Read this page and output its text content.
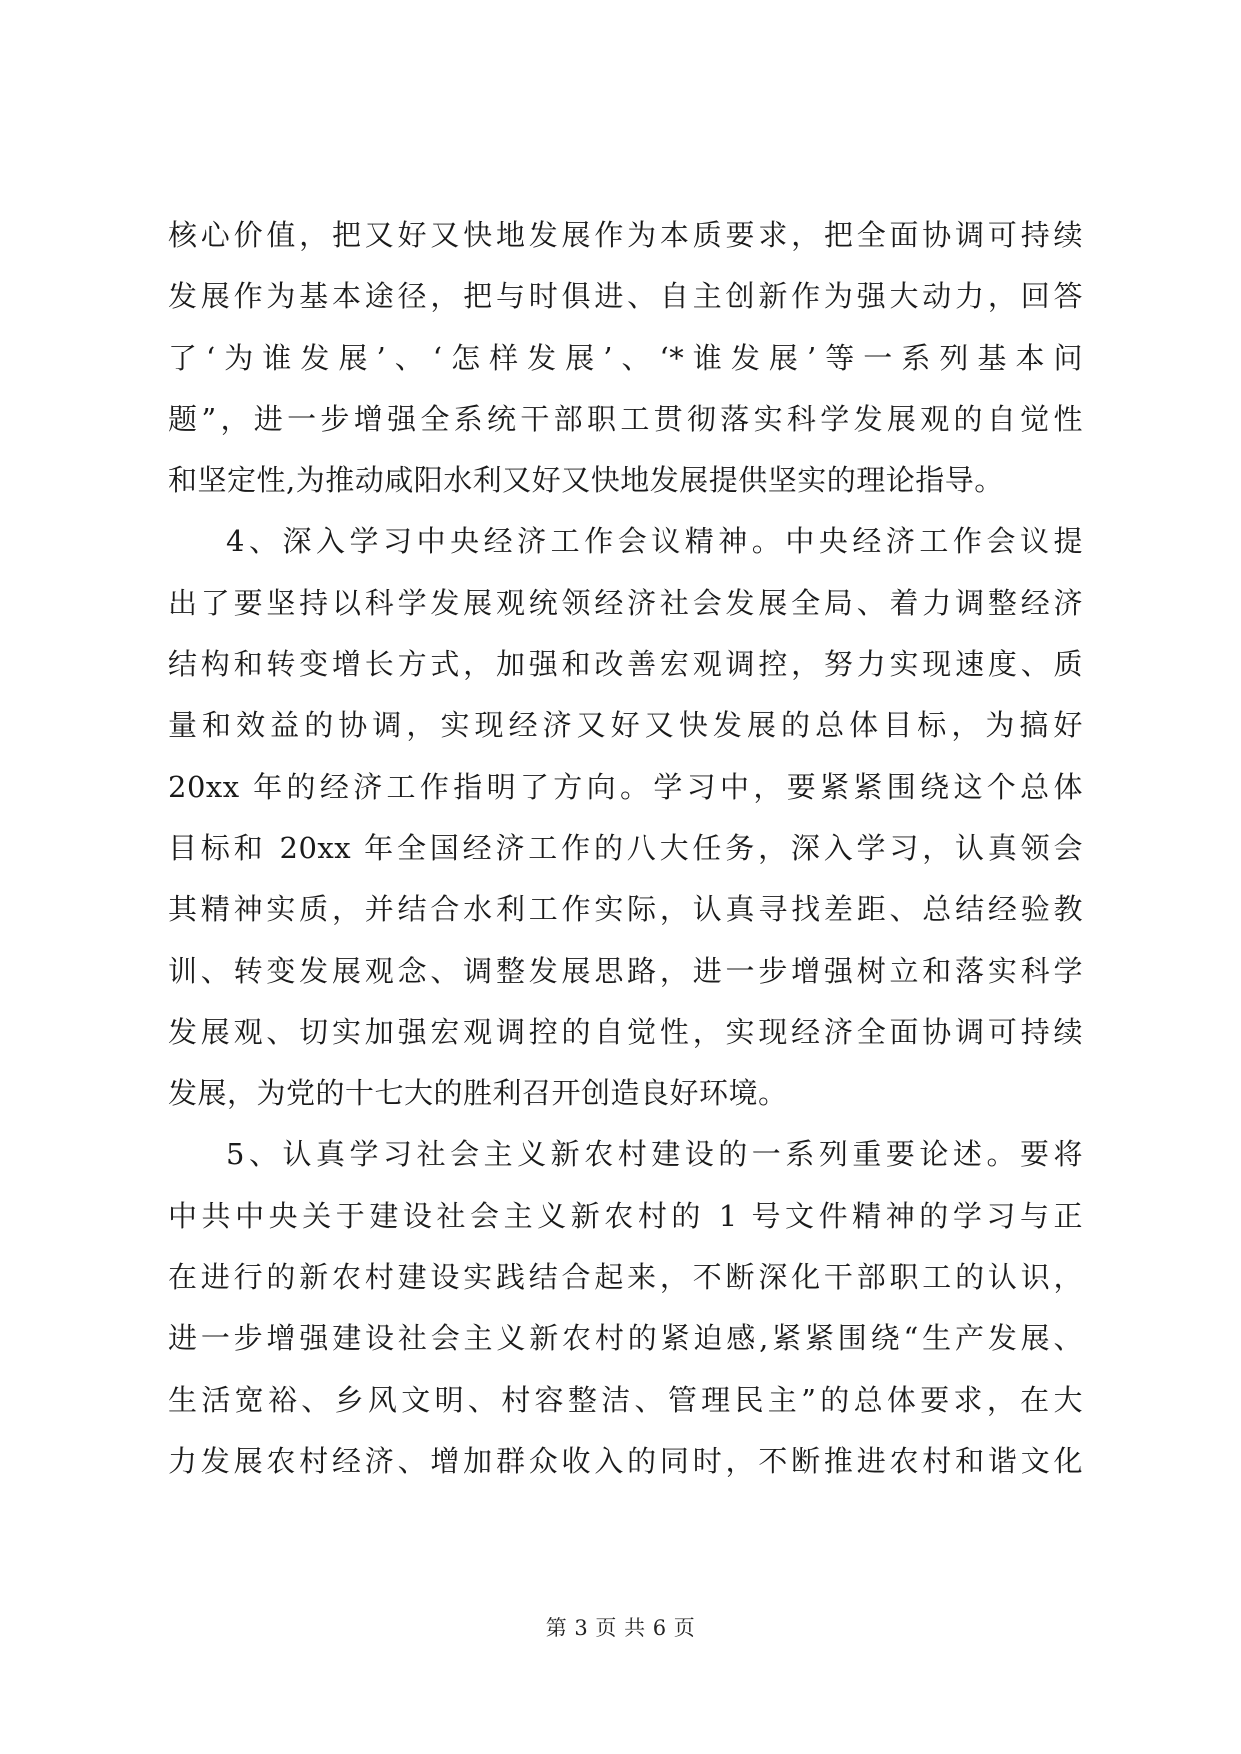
核心价值，把又好又快地发展作为本质要求，把全面协调可持续
发展作为基本途径，把与时俱进、自主创新作为强大动力，回答
了‘为谁发展’、‘怎样发展’、‘*谁发展’等一系列基本问
题”，进一步增强全系统干部职工贯彻落实科学发展观的自觉性
和坚定性,为推动咸阳水利又好又快地发展提供坚实的理论指导。
4、深入学习中央经济工作会议精神。中央经济工作会议提
出了要坚持以科学发展观统领经济社会发展全局、着力调整经济
结构和转变增长方式，加强和改善宏观调控，努力实现速度、质
量和效益的协调，实现经济又好又快发展的总体目标，为搞好
20xx 年的经济工作指明了方向。学习中，要紧紧围绕这个总体
目标和 20xx 年全国经济工作的八大任务，深入学习，认真领会
其精神实质，并结合水利工作实际，认真寻找差距、总结经验教
训、转变发展观念、调整发展思路，进一步增强树立和落实科学
发展观、切实加强宏观调控的自觉性，实现经济全面协调可持续
发展，为党的十七大的胜利召开创造良好环境。
5、认真学习社会主义新农村建设的一系列重要论述。要将
中共中央关于建设社会主义新农村的 1 号文件精神的学习与正
在进行的新农村建设实践结合起来，不断深化干部职工的认识，
进一步增强建设社会主义新农村的紧迫感,紧紧围绕“生产发展、
生活宽裕、乡风文明、村容整洁、管理民主”的总体要求，在大
力发展农村经济、增加群众收入的同时，不断推进农村和谐文化
第 3 页 共 6 页
